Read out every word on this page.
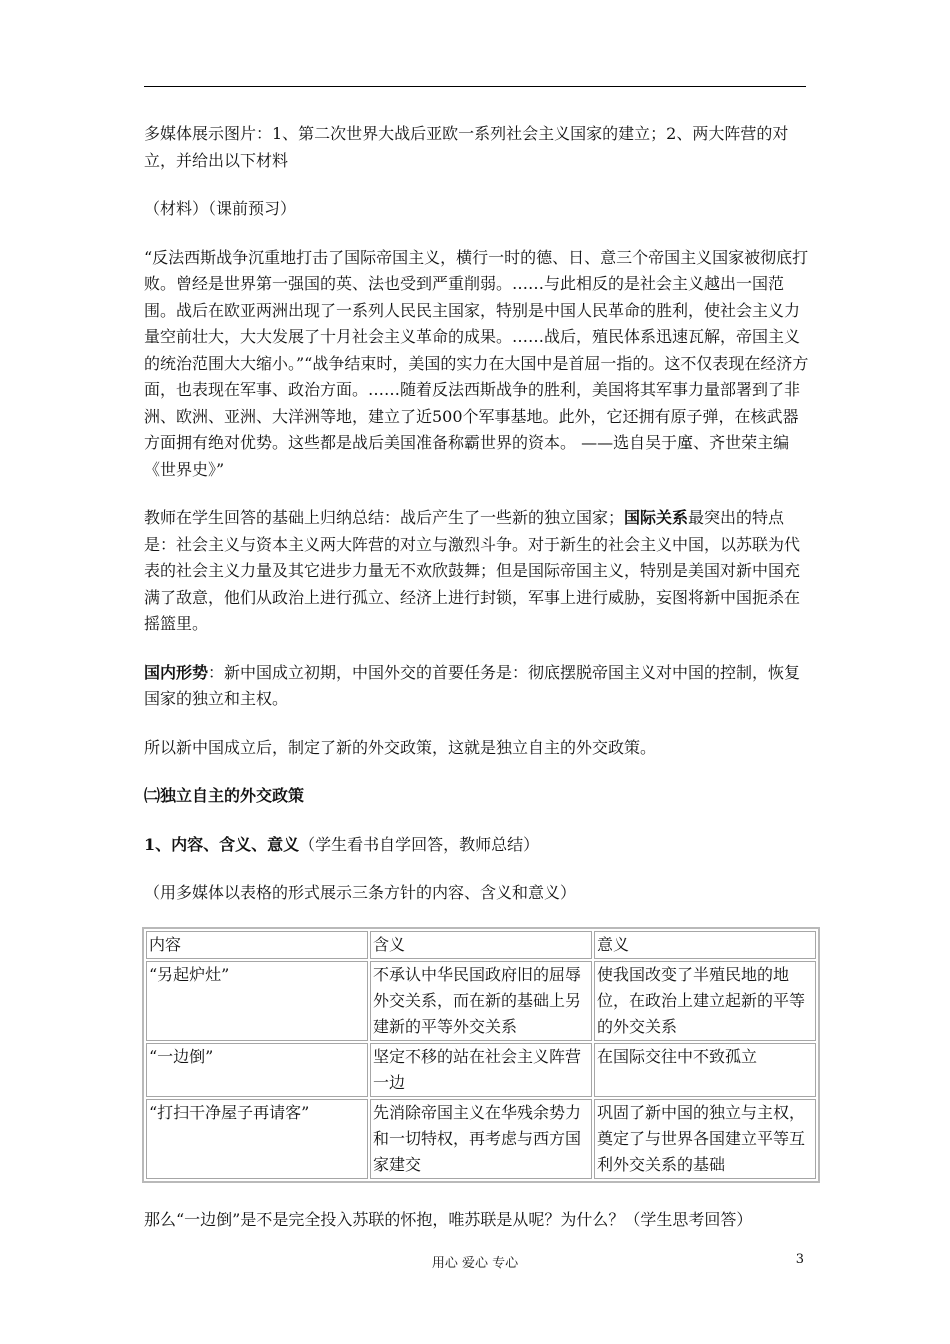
多媒体展示图片：1、第二次世界大战后亚欧一系列社会主义国家的建立；2、两大阵营的对立，并给出以下材料

（材料）（课前预习）

“反法西斯战争沉重地打击了国际帝国主义，横行一时的德、日、意三个帝国主义国家被彻底打败。曾经是世界第一强国的英、法也受到严重削弱。……与此相反的是社会主义越出一国范围。战后在欧亚两洲出现了一系列人民民主国家，特别是中国人民革命的胜利，使社会主义力量空前壮大，大大发展了十月社会主义革命的成果。……战后，殖民体系迅速瓦解，帝国主义的统治范围大大缩小。”“战争结束时，美国的实力在大国中是首屈一指的。这不仅表现在经济方面，也表现在军事、政治方面。……随着反法西斯战争的胜利，美国将其军事力量部署到了非洲、欧洲、亚洲、大洋洲等地，建立了近500个军事基地。此外，它还拥有原子弹，在核武器方面拥有绝对优势。这些都是战后美国准备称霸世界的资本。 ——选自吴于廑、齐世荣主编《世界史》”

教师在学生回答的基础上归纳总结：战后产生了一些新的独立国家；国际关系最突出的特点是：社会主义与资本主义两大阵营的对立与激烈斗争。对于新生的社会主义中国，以苏联为代表的社会主义力量及其它进步力量无不欢欣鼓舞；但是国际帝国主义，特别是美国对新中国充满了敌意，他们从政治上进行孤立、经济上进行封锁，军事上进行威胁，妄图将新中国扼杀在摇篮里。

国内形势：新中国成立初期，中国外交的首要任务是：彻底摆脱帝国主义对中国的控制，恢复国家的独立和主权。

所以新中国成立后，制定了新的外交政策，这就是独立自主的外交政策。

㈡独立自主的外交政策

1、内容、含义、意义（学生看书自学回答，教师总结）

（用多媒体以表格的形式展示三条方针的内容、含义和意义）

内容	含义	意义
“另起炉灶”	不承认中华民国政府旧的屈辱外交关系，而在新的基础上另建新的平等外交关系	使我国改变了半殖民地的地位，在政治上建立起新的平等的外交关系
“一边倒”	坚定不移的站在社会主义阵营一边	在国际交往中不致孤立
“打扫干净屋子再请客”	先消除帝国主义在华残余势力和一切特权，再考虑与西方国家建交	巩固了新中国的独立与主权，奠定了与世界各国建立平等互利外交关系的基础

那么“一边倒”是不是完全投入苏联的怀抱，唯苏联是从呢？为什么？（学生思考回答）

用心 爱心 专心	3
